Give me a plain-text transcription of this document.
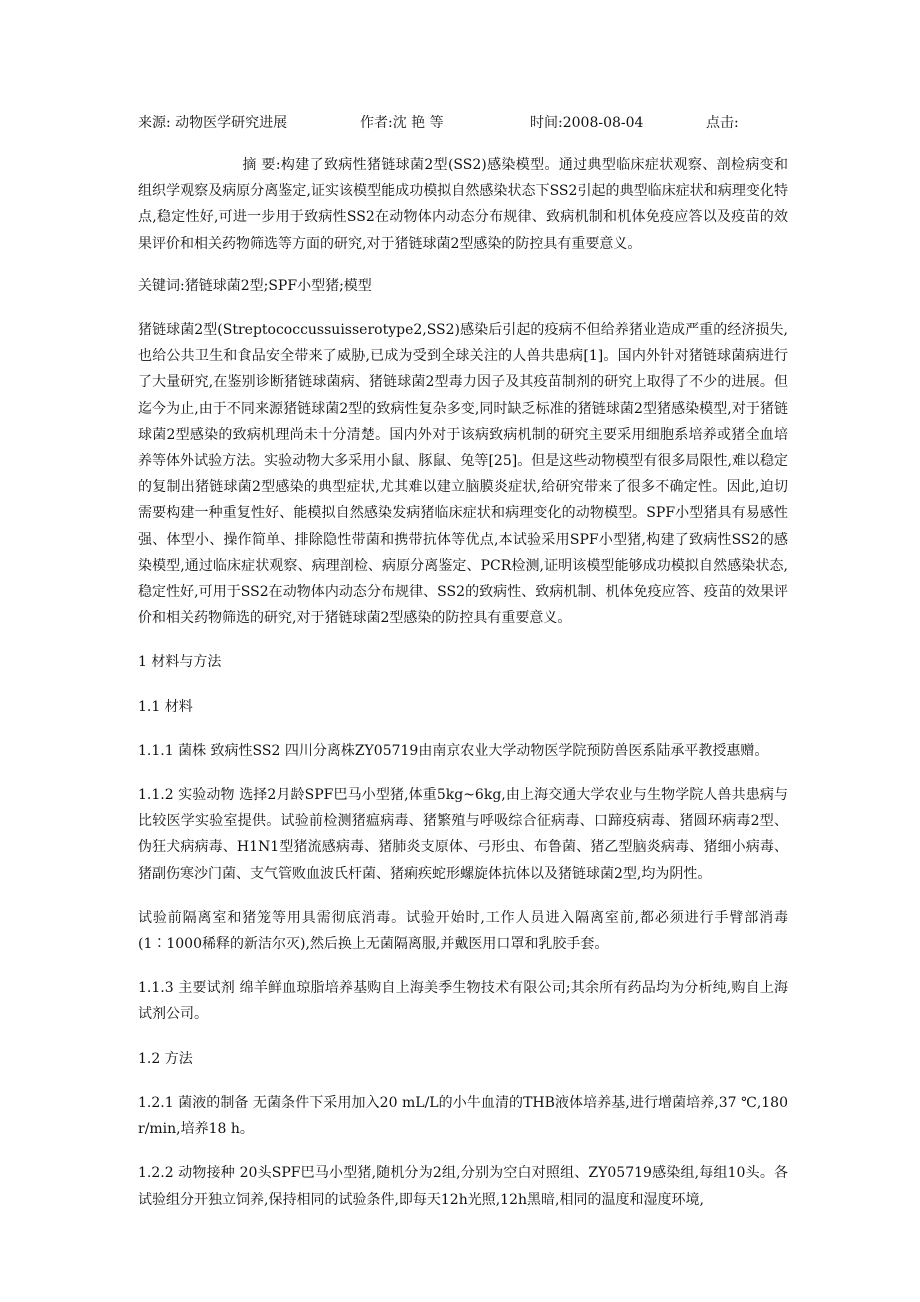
来源: 动物医学研究进展	作者:沈 艳 等	时间:2008-08-04	点击:

摘 要:构建了致病性猪链球菌2型(SS2)感染模型。通过典型临床症状观察、剖检病变和组织学观察及病原分离鉴定,证实该模型能成功模拟自然感染状态下SS2引起的典型临床症状和病理变化特点,稳定性好,可进一步用于致病性SS2在动物体内动态分布规律、致病机制和机体免疫应答以及疫苗的效果评价和相关药物筛选等方面的研究,对于猪链球菌2型感染的防控具有重要意义。

关键词:猪链球菌2型;SPF小型猪;模型

猪链球菌2型(Streptococcussuisserotype2,SS2)感染后引起的疫病不但给养猪业造成严重的经济损失,也给公共卫生和食品安全带来了威胁,已成为受到全球关注的人兽共患病[1]。国内外针对猪链球菌病进行了大量研究,在鉴别诊断猪链球菌病、猪链球菌2型毒力因子及其疫苗制剂的研究上取得了不少的进展。但迄今为止,由于不同来源猪链球菌2型的致病性复杂多变,同时缺乏标准的猪链球菌2型猪感染模型,对于猪链球菌2型感染的致病机理尚未十分清楚。国内外对于该病致病机制的研究主要采用细胞系培养或猪全血培养等体外试验方法。实验动物大多采用小鼠、豚鼠、兔等[25]。但是这些动物模型有很多局限性,难以稳定的复制出猪链球菌2型感染的典型症状,尤其难以建立脑膜炎症状,给研究带来了很多不确定性。因此,迫切需要构建一种重复性好、能模拟自然感染发病猪临床症状和病理变化的动物模型。SPF小型猪具有易感性强、体型小、操作简单、排除隐性带菌和携带抗体等优点,本试验采用SPF小型猪,构建了致病性SS2的感染模型,通过临床症状观察、病理剖检、病原分离鉴定、PCR检测,证明该模型能够成功模拟自然感染状态,稳定性好,可用于SS2在动物体内动态分布规律、SS2的致病性、致病机制、机体免疫应答、疫苗的效果评价和相关药物筛选的研究,对于猪链球菌2型感染的防控具有重要意义。

1 材料与方法

1.1 材料

1.1.1 菌株 致病性SS2 四川分离株ZY05719由南京农业大学动物医学院预防兽医系陆承平教授惠赠。

1.1.2 实验动物 选择2月龄SPF巴马小型猪,体重5kg~6kg,由上海交通大学农业与生物学院人兽共患病与比较医学实验室提供。试验前检测猪瘟病毒、猪繁殖与呼吸综合征病毒、口蹄疫病毒、猪圆环病毒2型、伪狂犬病病毒、H1N1型猪流感病毒、猪肺炎支原体、弓形虫、布鲁菌、猪乙型脑炎病毒、猪细小病毒、猪副伤寒沙门菌、支气管败血波氏杆菌、猪痢疾蛇形螺旋体抗体以及猪链球菌2型,均为阴性。

试验前隔离室和猪笼等用具需彻底消毒。试验开始时,工作人员进入隔离室前,都必须进行手臂部消毒(1∶1000稀释的新洁尔灭),然后换上无菌隔离服,并戴医用口罩和乳胶手套。

1.1.3 主要试剂 绵羊鲜血琼脂培养基购自上海美季生物技术有限公司;其余所有药品均为分析纯,购自上海试剂公司。

1.2 方法

1.2.1 菌液的制备 无菌条件下采用加入20 mL/L的小牛血清的THB液体培养基,进行增菌培养,37 ℃,180 r/min,培养18 h。

1.2.2 动物接种 20头SPF巴马小型猪,随机分为2组,分别为空白对照组、ZY05719感染组,每组10头。各试验组分开独立饲养,保持相同的试验条件,即每天12h光照,12h黑暗,相同的温度和湿度环境,
